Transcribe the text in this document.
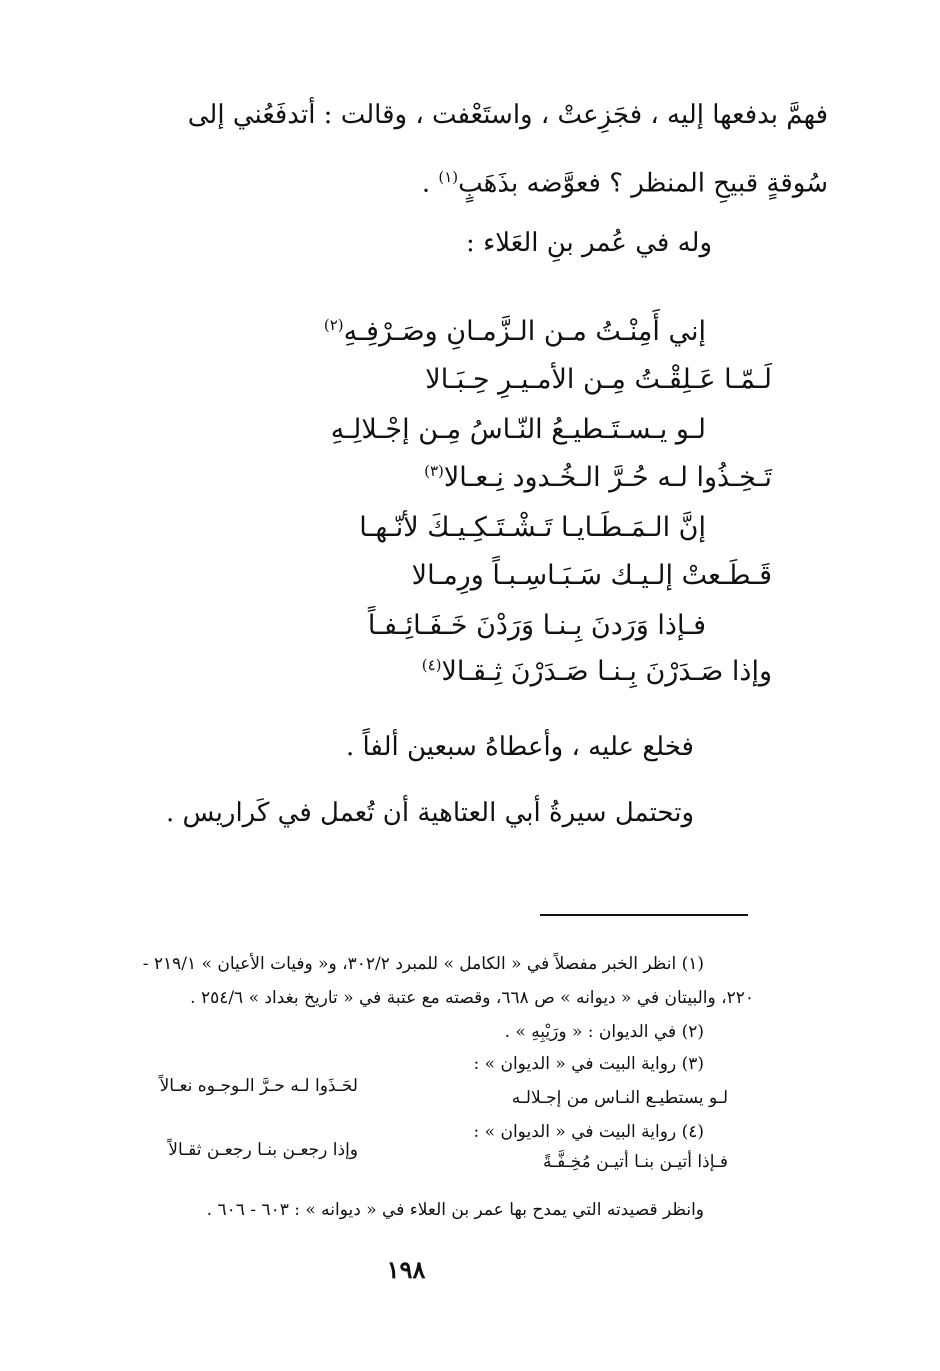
فهمَّ بدفعها إليه ، فجَزِعتْ ، واستَعْفت ، وقالت : أتدفَعُني إلى
سُوقةٍ قبيحِ المنظر ؟ فعوَّضه بذَهَبٍ$^{(١)}$ .
وله في عُمر بنِ العَلاء :
إني أَمِنْـتُ مـن الـزَّمـانِ وصَـرْفِـهِ$^{(٢)}$
لَـمّـا عَـلِقْـتُ مِـن الأمـيـرِ حِـبَـالا
لـو يـسـتَـطيـعُ النّـاسُ مِـن إجْـلالِـهِ
تَـخِـذُوا لـه حُـرَّ الـخُـدود نِـعـالا$^{(٣)}$
إنَّ الـمَـطَـايـا تَـشْـتَـكِـيـكَ لأنّـهـا
قَـطَـعتْ إلـيـك سَـبَـاسِـبـاً ورِمـالا
فـإذا وَرَدنَ بِـنـا وَرَدْنَ خَـفَـائِـفـاً
وإذا صَـدَرْنَ بِـنـا صَـدَرْنَ ثِـقـالا$^{(٤)}$
فخلع عليه ، وأعطاهُ سبعين ألفاً .
وتحتمل سيرةُ أبي العتاهية أن تُعمل في كَراريس .
(١) انظر الخبر مفصلاً في « الكامل » للمبرد ٣٠٢/٢، و« وفيات الأعيان » ٢١٩/١ -
٢٢٠، والبيتان في « ديوانه » ص ٦٦٨، وقصته مع عتبة في « تاريخ بغداد » ٢٥٤/٦ .
(٢) في الديوان : « ورَيْبِهِ » .
(٣) رواية البيت في « الديوان » :
لـو يستطيـع النـاس من إجـلالـه
لحَـذَوا لـه حـرَّ الـوجـوه نعـالاً
(٤) رواية البيت في « الديوان » :
فـإذا أتيـن بنـا أتيـن مُخِـفَّـةً
وإذا رجعـن بنـا رجعـن ثقـالاً
وانظر قصيدته التي يمدح بها عمر بن العلاء في « ديوانه » : ٦٠٣ - ٦٠٦ .
١٩٨
